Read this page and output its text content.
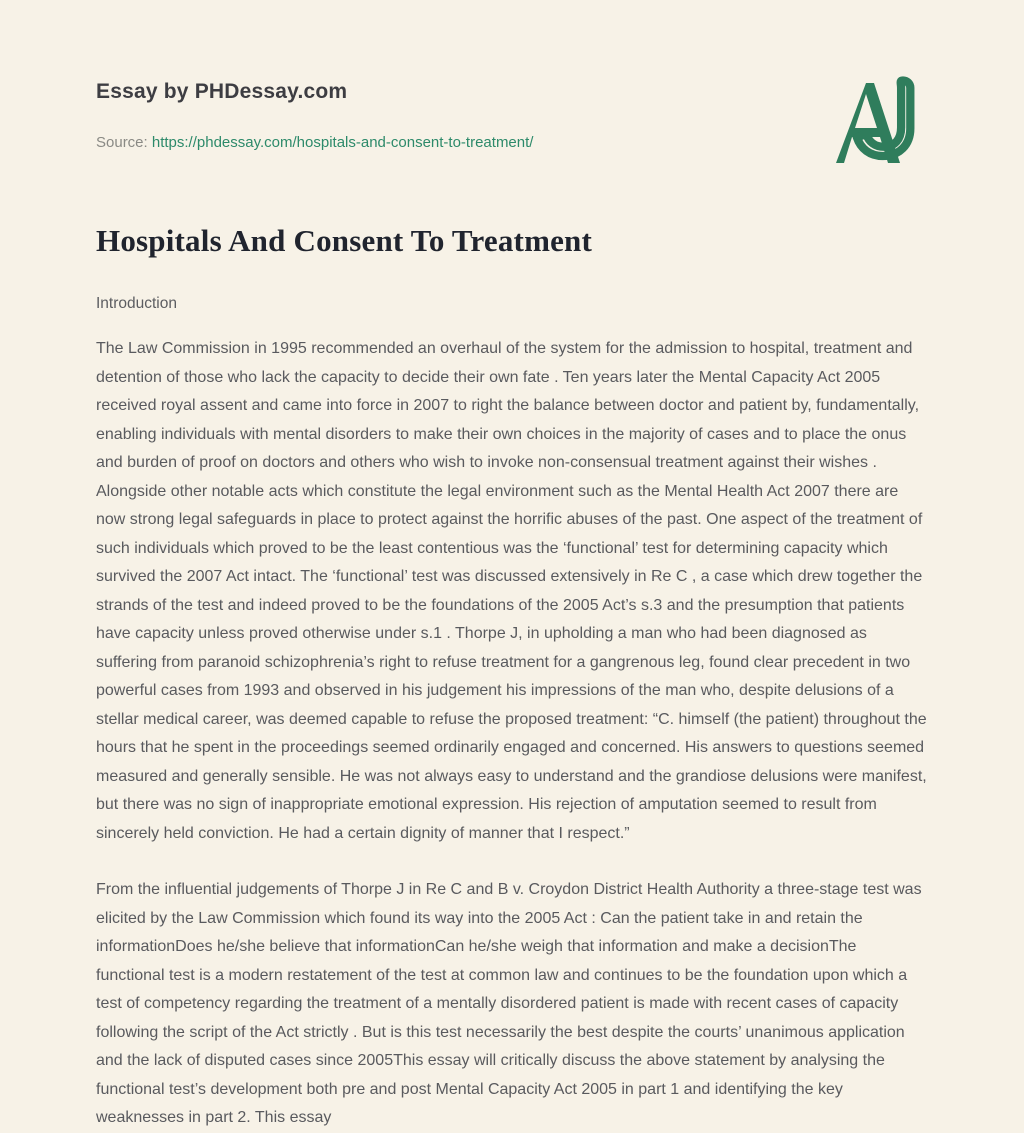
Essay by PHDessay.com
Source: https://phdessay.com/hospitals-and-consent-to-treatment/
Hospitals And Consent To Treatment
Introduction

The Law Commission in 1995 recommended an overhaul of the system for the admission to hospital, treatment and detention of those who lack the capacity to decide their own fate . Ten years later the Mental Capacity Act 2005 received royal assent and came into force in 2007 to right the balance between doctor and patient by, fundamentally, enabling individuals with mental disorders to make their own choices in the majority of cases and to place the onus and burden of proof on doctors and others who wish to invoke non-consensual treatment against their wishes . Alongside other notable acts which constitute the legal environment such as the Mental Health Act 2007 there are now strong legal safeguards in place to protect against the horrific abuses of the past. One aspect of the treatment of such individuals which proved to be the least contentious was the ‘functional’ test for determining capacity which survived the 2007 Act intact. The ‘functional’ test was discussed extensively in Re C , a case which drew together the strands of the test and indeed proved to be the foundations of the 2005 Act’s s.3 and the presumption that patients have capacity unless proved otherwise under s.1 . Thorpe J, in upholding a man who had been diagnosed as suffering from paranoid schizophrenia’s right to refuse treatment for a gangrenous leg, found clear precedent in two powerful cases from 1993 and observed in his judgement his impressions of the man who, despite delusions of a stellar medical career, was deemed capable to refuse the proposed treatment: “C. himself (the patient) throughout the hours that he spent in the proceedings seemed ordinarily engaged and concerned. His answers to questions seemed measured and generally sensible. He was not always easy to understand and the grandiose delusions were manifest, but there was no sign of inappropriate emotional expression. His rejection of amputation seemed to result from sincerely held conviction. He had a certain dignity of manner that I respect.”

From the influential judgements of Thorpe J in Re C and B v. Croydon District Health Authority a three-stage test was elicited by the Law Commission which found its way into the 2005 Act : Can the patient take in and retain the informationDoes he/she believe that informationCan he/she weigh that information and make a decisionThe functional test is a modern restatement of the test at common law and continues to be the foundation upon which a test of competency regarding the treatment of a mentally disordered patient is made with recent cases of capacity following the script of the Act strictly . But is this test necessarily the best despite the courts’ unanimous application and the lack of disputed cases since 2005This essay will critically discuss the above statement by analysing the functional test’s development both pre and post Mental Capacity Act 2005 in part 1 and identifying the key weaknesses in part 2. This essay
